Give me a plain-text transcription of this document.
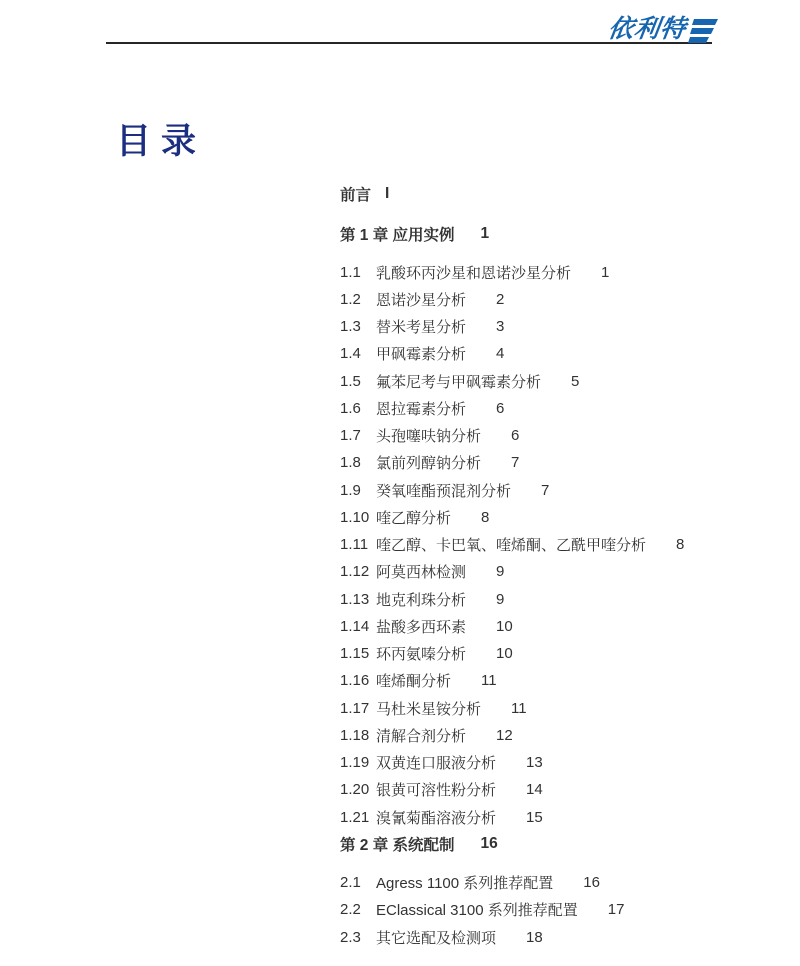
依利特
目录
前言 I
第 1 章 应用实例 1
1.1	乳酸环丙沙星和恩诺沙星分析 1
1.2	恩诺沙星分析 2
1.3	替米考星分析 3
1.4	甲砜霉素分析 4
1.5	氟苯尼考与甲砜霉素分析 5
1.6	恩拉霉素分析 6
1.7	头孢噻呋钠分析 6
1.8	氯前列醇钠分析 7
1.9	癸氧喹酯预混剂分析 7
1.10 喹乙醇分析 8
1.11 喹乙醇、卡巴氧、喹烯酮、乙酰甲喹分析 8
1.12 阿莫西林检测 9
1.13 地克利珠分析 9
1.14 盐酸多西环素 10
1.15 环丙氨嗪分析 10
1.16 喹烯酮分析 11
1.17 马杜米星铵分析 11
1.18 清解合剂分析 12
1.19 双黄连口服液分析 13
1.20 银黄可溶性粉分析 14
1.21 溴氰菊酯溶液分析 15
第 2 章 系统配制 16
2.1	Agress 1100 系列推荐配置 16
2.2	EClassical 3100 系列推荐配置 17
2.3	其它选配及检测项 18
